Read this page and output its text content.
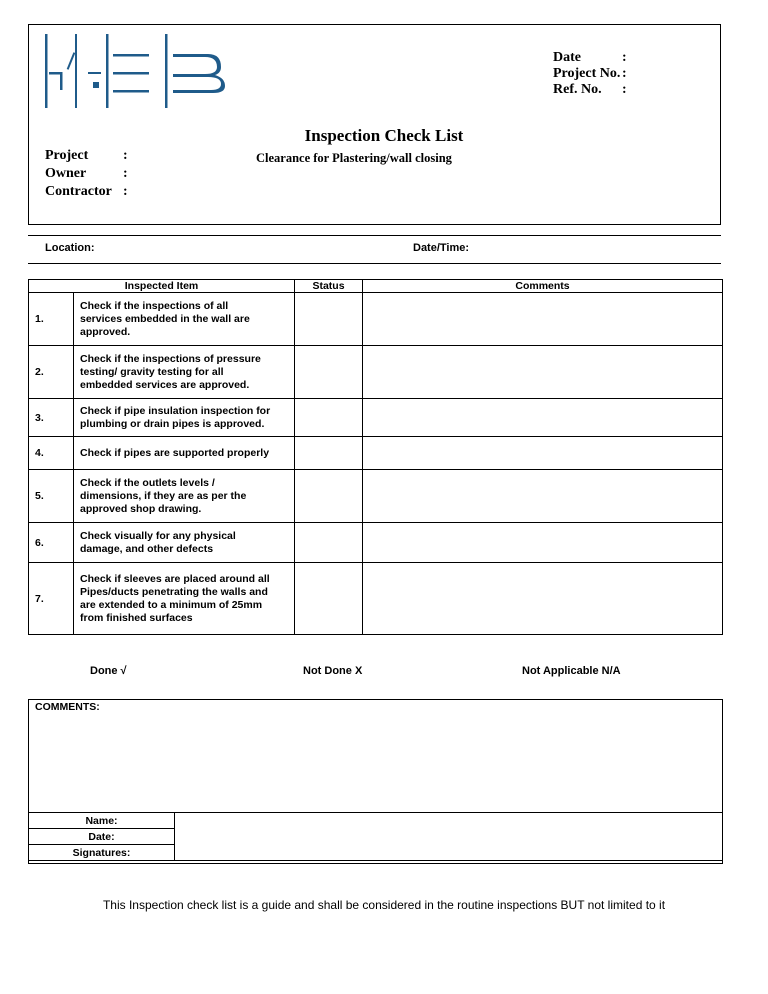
Date	:
Project No. :
Ref. No. :
Inspection Check List
Project :
Owner	:
Contractor :
Clearance for Plastering/wall closing
Location:	Date/Time:
Inspected Item		Status	Comments
1.	Check if the inspections of all
services embedded in the wall are
approved.		

2.	Check if the inspections of pressure
testing/ gravity testing for all
embedded services are approved.		

3.	Check if pipe insulation inspection for
plumbing or drain pipes is approved.		

4.	Check if pipes are supported properly		

5.	Check if the outlets levels /
dimensions, if they are as per the
approved shop drawing.		

6.	Check visually for any physical
damage, and other defects		

7.	Check if sleeves are placed around all
Pipes/ducts penetrating the walls and
are extended to a minimum of 25mm
from finished surfaces		

Done √	Not Done X	Not Applicable N/A
COMMENTS:
Name:	
Date:
Signatures:
This Inspection check list is a guide and shall be considered in the routine inspections BUT not limited to it
